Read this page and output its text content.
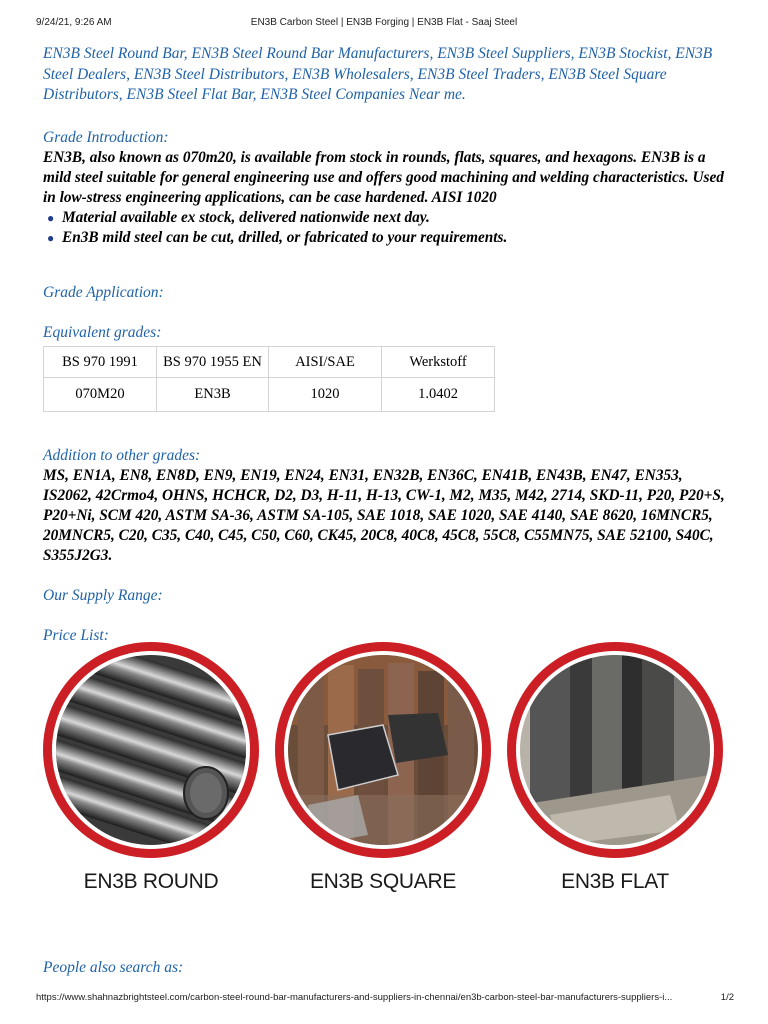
9/24/21, 9:26 AM	EN3B Carbon Steel | EN3B Forging | EN3B Flat - Saaj Steel

EN3B Steel Round Bar, EN3B Steel Round Bar Manufacturers, EN3B Steel Suppliers, EN3B Stockist, EN3B Steel Dealers, EN3B Steel Distributors, EN3B Wholesalers, EN3B Steel Traders, EN3B Steel Square Distributors, EN3B Steel Flat Bar, EN3B Steel Companies Near me.

Grade Introduction:

EN3B, also known as 070m20, is available from stock in rounds, flats, squares, and hexagons. EN3B is a mild steel suitable for general engineering use and offers good machining and welding characteristics. Used in low-stress engineering applications, can be case hardened. AISI 1020

● Material available ex stock, delivered nationwide next day.
● En3B mild steel can be cut, drilled, or fabricated to your requirements.

Grade Application:

Equivalent grades:

BS 970 1991	BS 970 1955 EN	AISI/SAE	Werkstoff
070M20	EN3B	1020	1.0402

Addition to other grades:

MS, EN1A, EN8, EN8D, EN9, EN19, EN24, EN31, EN32B, EN36C, EN41B, EN43B, EN47, EN353, IS2062, 42Crmo4, OHNS, HCHCR, D2, D3, H-11, H-13, CW-1, M2, M35, M42, 2714, SKD-11, P20, P20+S, P20+Ni, SCM 420, ASTM SA-36, ASTM SA-105, SAE 1018, SAE 1020, SAE 4140, SAE 8620, 16MNCR5, 20MNCR5, C20, C35, C40, C45, C50, C60, CK45, 20C8, 40C8, 45C8, 55C8, C55MN75, SAE 52100, S40C, S355J2G3.

Our Supply Range:

Price List:

EN3B ROUND	EN3B SQUARE	EN3B FLAT

People also search as:

https://www.shahnazbrightsteel.com/carbon-steel-round-bar-manufacturers-and-suppliers-in-chennai/en3b-carbon-steel-bar-manufacturers-suppliers-i...	1/2
